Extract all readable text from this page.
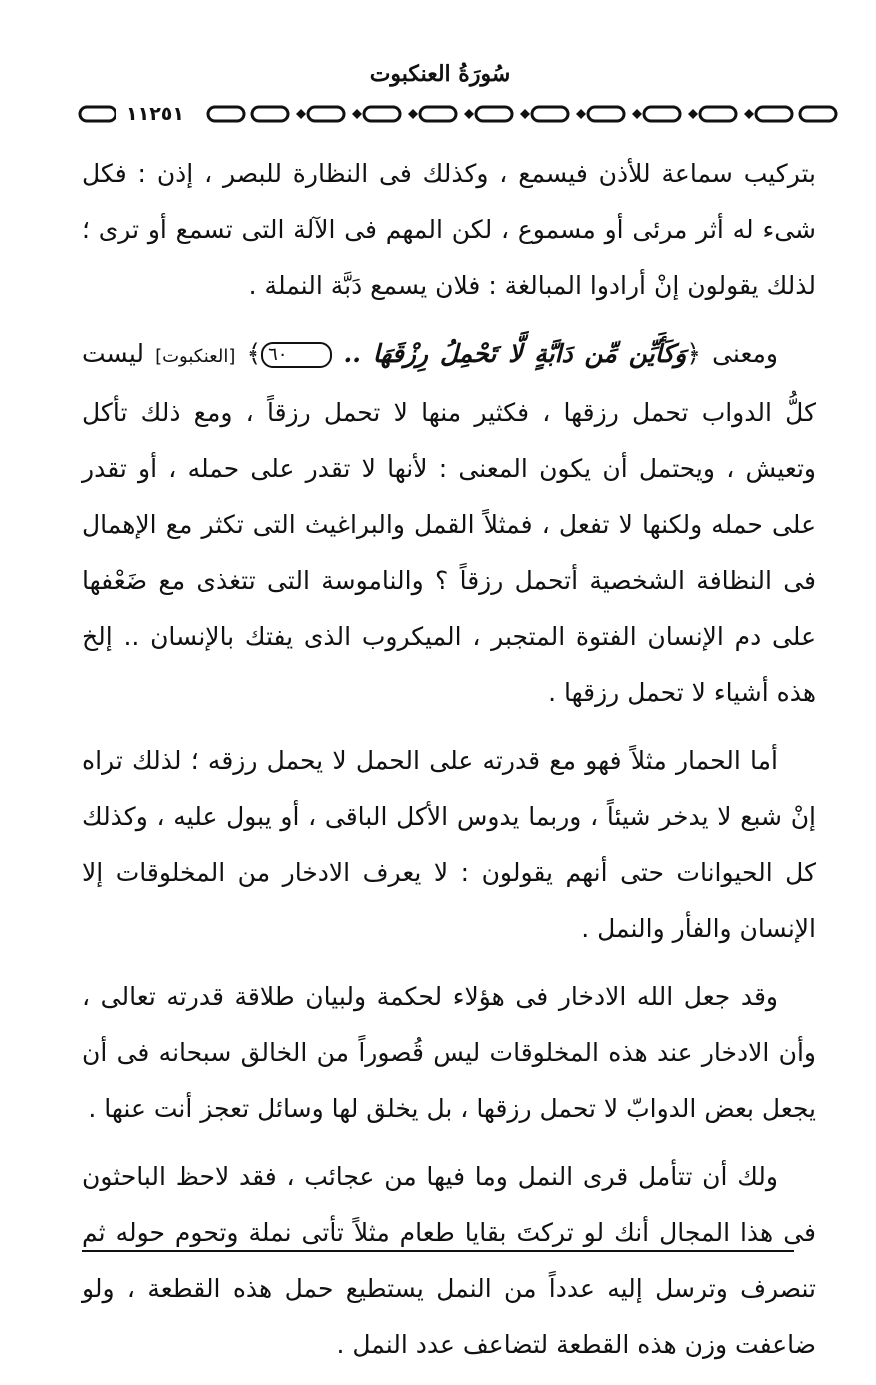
سُورَةُ العنكبوت
١١٢٥١

بتركيب سماعة للأذن فيسمع ، وكذلك فى النظارة للبصر ، إذن : فكل شىء له أثر مرئى أو مسموع ، لكن المهم فى الآلة التى تسمع أو ترى ؛ لذلك يقولون إنْ أرادوا المبالغة : فلان يسمع دَبَّة النملة .

ومعنى ﴿وَكَأَيِّن مِّن دَابَّةٍ لَّا تَحْمِلُ رِزْقَهَا .. ٦٠﴾ [العنكبوت] ليست كلُّ الدواب تحمل رزقها ، فكثير منها لا تحمل رزقاً ، ومع ذلك تأكل وتعيش ، ويحتمل أن يكون المعنى : لأنها لا تقدر على حمله ، أو تقدر على حمله ولكنها لا تفعل ، فمثلاً القمل والبراغيث التى تكثر مع الإهمال فى النظافة الشخصية أتحمل رزقاً ؟ والناموسة التى تتغذى مع ضَعْفها على دم الإنسان الفتوة المتجبر ، الميكروب الذى يفتك بالإنسان .. إلخ هذه أشياء لا تحمل رزقها .

أما الحمار مثلاً فهو مع قدرته على الحمل لا يحمل رزقه ؛ لذلك تراه إنْ شبع لا يدخر شيئاً ، وربما يدوس الأكل الباقى ، أو يبول عليه ، وكذلك كل الحيوانات حتى أنهم يقولون : لا يعرف الادخار من المخلوقات إلا الإنسان والفأر والنمل .

وقد جعل الله الادخار فى هؤلاء لحكمة ولبيان طلاقة قدرته تعالى ، وأن الادخار عند هذه المخلوقات ليس قُصوراً من الخالق سبحانه فى أن يجعل بعض الدوابّ لا تحمل رزقها ، بل يخلق لها وسائل تعجز أنت عنها .

ولك أن تتأمل قرى النمل وما فيها من عجائب ، فقد لاحظ الباحثون فى هذا المجال أنك لو تركتَ بقايا طعام مثلاً تأتى نملة وتحوم حوله ثم تنصرف وترسل إليه عدداً من النمل يستطيع حمل هذه القطعة ، ولو ضاعفت وزن هذه القطعة لتضاعف عدد النمل .
